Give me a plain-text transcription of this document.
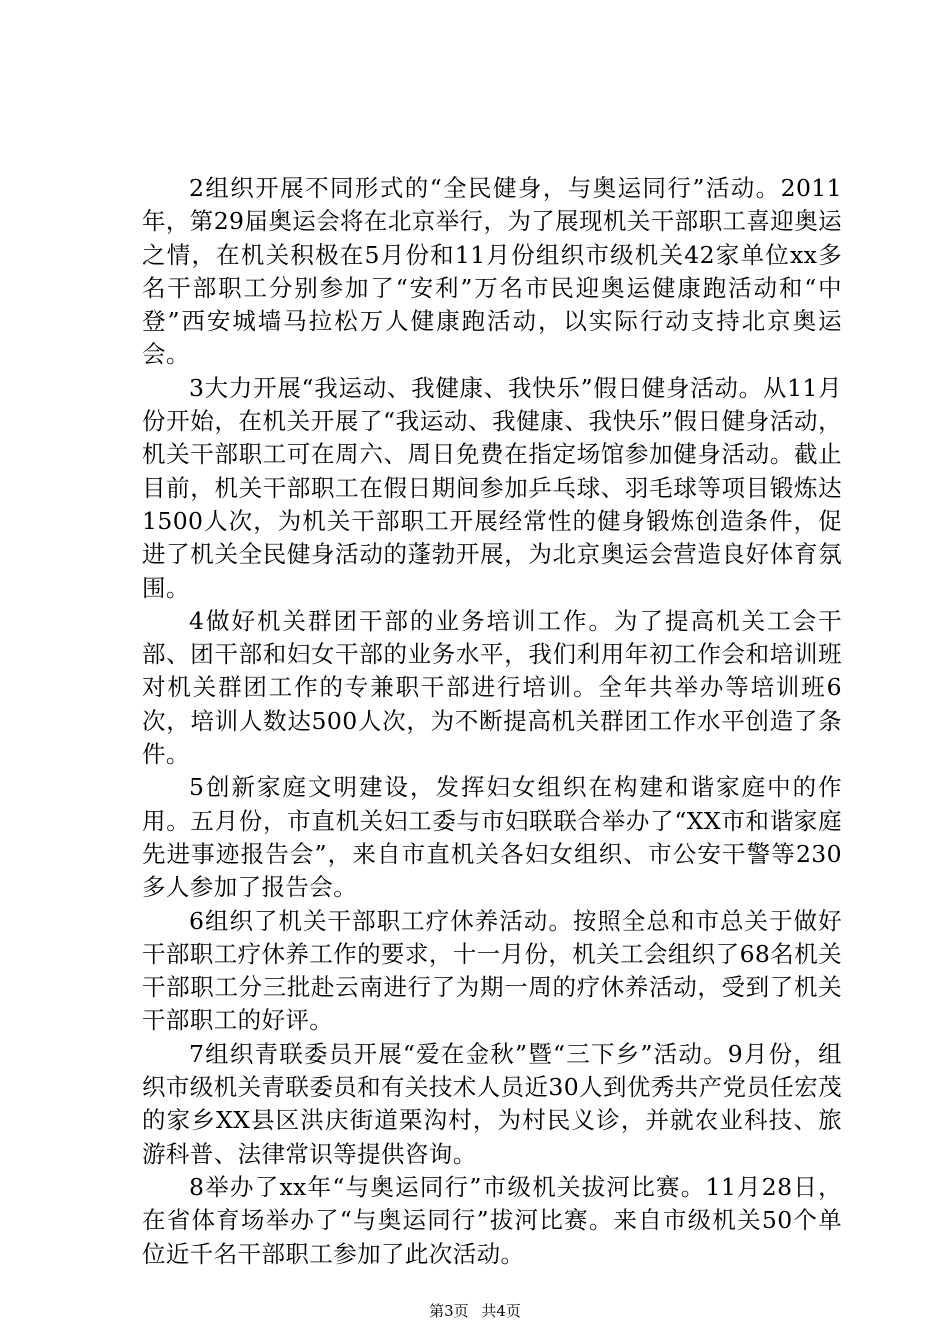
2组织开展不同形式的“全民健身，与奥运同行”活动。2011年，第29届奥运会将在北京举行，为了展现机关干部职工喜迎奥运之情，在机关积极在5月份和11月份组织市级机关42家单位xx多名干部职工分别参加了“安利”万名市民迎奥运健康跑活动和“中登”西安城墙马拉松万人健康跑活动，以实际行动支持北京奥运会。

3大力开展“我运动、我健康、我快乐”假日健身活动。从11月份开始，在机关开展了“我运动、我健康、我快乐”假日健身活动，机关干部职工可在周六、周日免费在指定场馆参加健身活动。截止目前，机关干部职工在假日期间参加乒乓球、羽毛球等项目锻炼达1500人次，为机关干部职工开展经常性的健身锻炼创造条件，促进了机关全民健身活动的蓬勃开展，为北京奥运会营造良好体育氛围。

4做好机关群团干部的业务培训工作。为了提高机关工会干部、团干部和妇女干部的业务水平，我们利用年初工作会和培训班对机关群团工作的专兼职干部进行培训。全年共举办等培训班6次，培训人数达500人次，为不断提高机关群团工作水平创造了条件。

5创新家庭文明建设，发挥妇女组织在构建和谐家庭中的作用。五月份，市直机关妇工委与市妇联联合举办了“XX市和谐家庭先进事迹报告会”，来自市直机关各妇女组织、市公安干警等230多人参加了报告会。

6组织了机关干部职工疗休养活动。按照全总和市总关于做好干部职工疗休养工作的要求，十一月份，机关工会组织了68名机关干部职工分三批赴云南进行了为期一周的疗休养活动，受到了机关干部职工的好评。

7组织青联委员开展“爱在金秋”暨“三下乡”活动。9月份，组织市级机关青联委员和有关技术人员近30人到优秀共产党员任宏茂的家乡XX县区洪庆街道栗沟村，为村民义诊，并就农业科技、旅游科普、法律常识等提供咨询。

8举办了xx年“与奥运同行”市级机关拔河比赛。11月28日，在省体育场举办了“与奥运同行”拔河比赛。来自市级机关50个单位近千名干部职工参加了此次活动。

第3页 共4页
